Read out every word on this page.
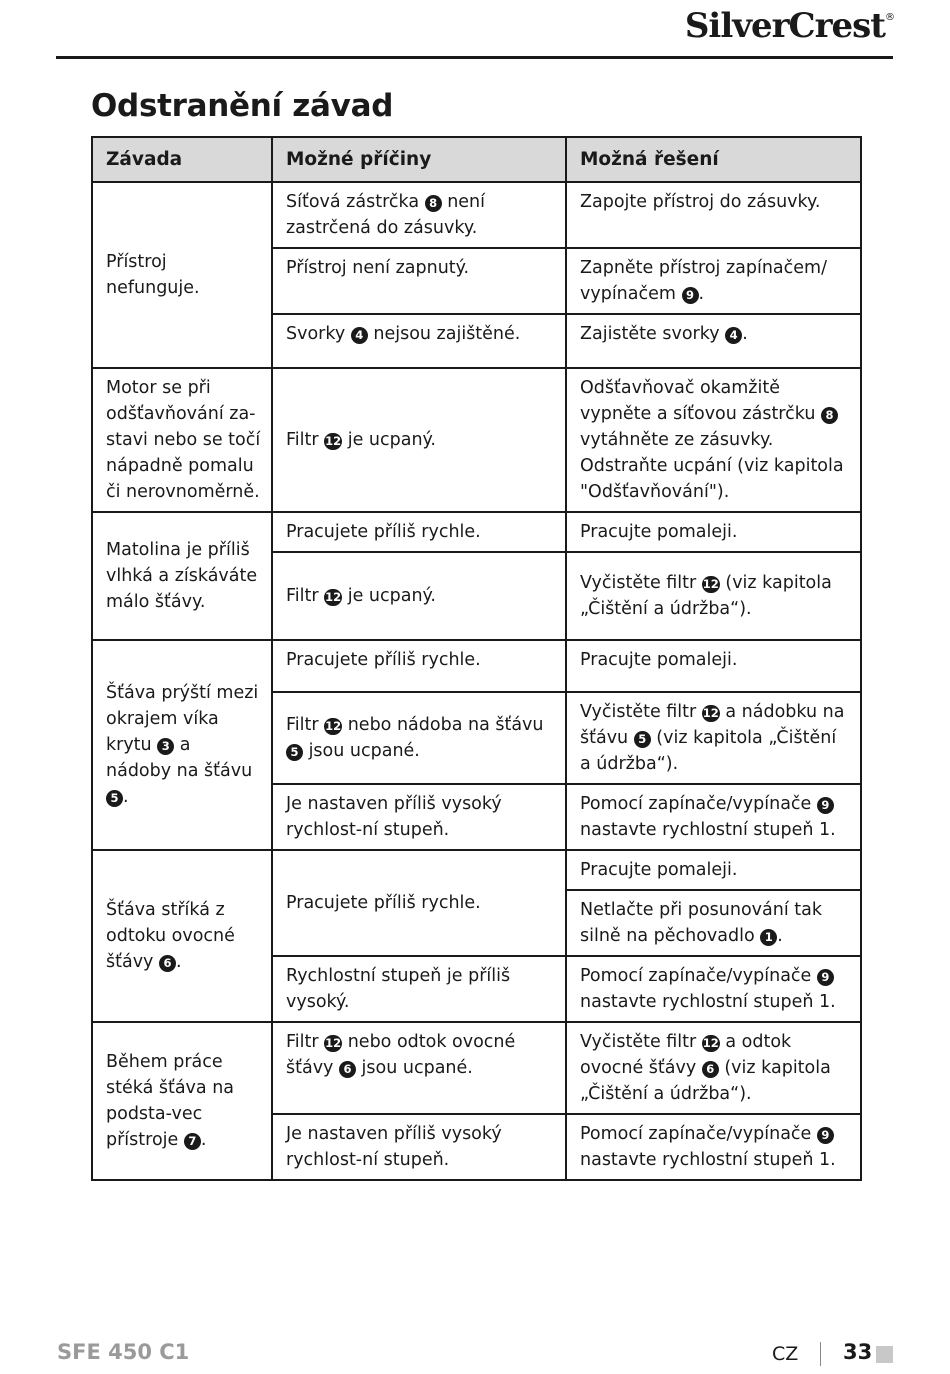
SilverCrest®
Odstranění závad
Závada	Možné příčiny	Možná řešení
Přístroj nefunguje.	Síťová zástrčka 8 není zastrčená do zásuvky.	Zapojte přístroj do zásuvky.
	Přístroj není zapnutý.	Zapněte přístroj zapínačem/ vypínačem 9 .
	Svorky 4 nejsou zajištěné.	Zajistěte svorky 4 .
Motor se při odšťavňování za-stavi nebo se točí nápadně pomalu či nerovnoměrně.	Filtr 12 je ucpaný.	Odšťavňovač okamžitě vypněte a síťovou zástrčku 8 vytáhněte ze zásuvky. Odstraňte ucpání (viz kapitola "Odšťavňování").
Matolina je příliš vlhká a získáváte málo šťávy.	Pracujete příliš rychle.	Pracujte pomaleji.
	Filtr 12 je ucpaný.	Vyčistěte filtr 12 (viz kapitola „Čištění a údržba“).
Šťáva prýští mezi okrajem víka krytu 3 a nádoby na šťávu 5 .	Pracujete příliš rychle.	Pracujte pomaleji.
	Filtr 12 nebo nádoba na šťávu 5 jsou ucpané.	Vyčistěte filtr 12 a nádobku na šťávu 5 (viz kapitola „Čištění a údržba“).
	Je nastaven příliš vysoký rychlost-ní stupeň.	Pomocí zapínače/vypínače 9 nastavte rychlostní stupeň 1.
Šťáva stříká z odtoku ovocné šťávy 6 .	Pracujete příliš rychle.	Pracujte pomaleji.
		Netlačte při posunování tak silně na pěchovadlo 1 .
	Rychlostní stupeň je příliš vysoký.	Pomocí zapínače/vypínače 9 nastavte rychlostní stupeň 1.
Během práce stéká šťáva na podsta-vec přístroje 7 .	Filtr 12 nebo odtok ovocné šťávy 6 jsou ucpané.	Vyčistěte filtr 12 a odtok ovocné šťávy 6 (viz kapitola „Čištění a údržba“).
	Je nastaven příliš vysoký rychlost-ní stupeň.	Pomocí zapínače/vypínače 9 nastavte rychlostní stupeň 1.
SFE 450 C1	CZ 33
